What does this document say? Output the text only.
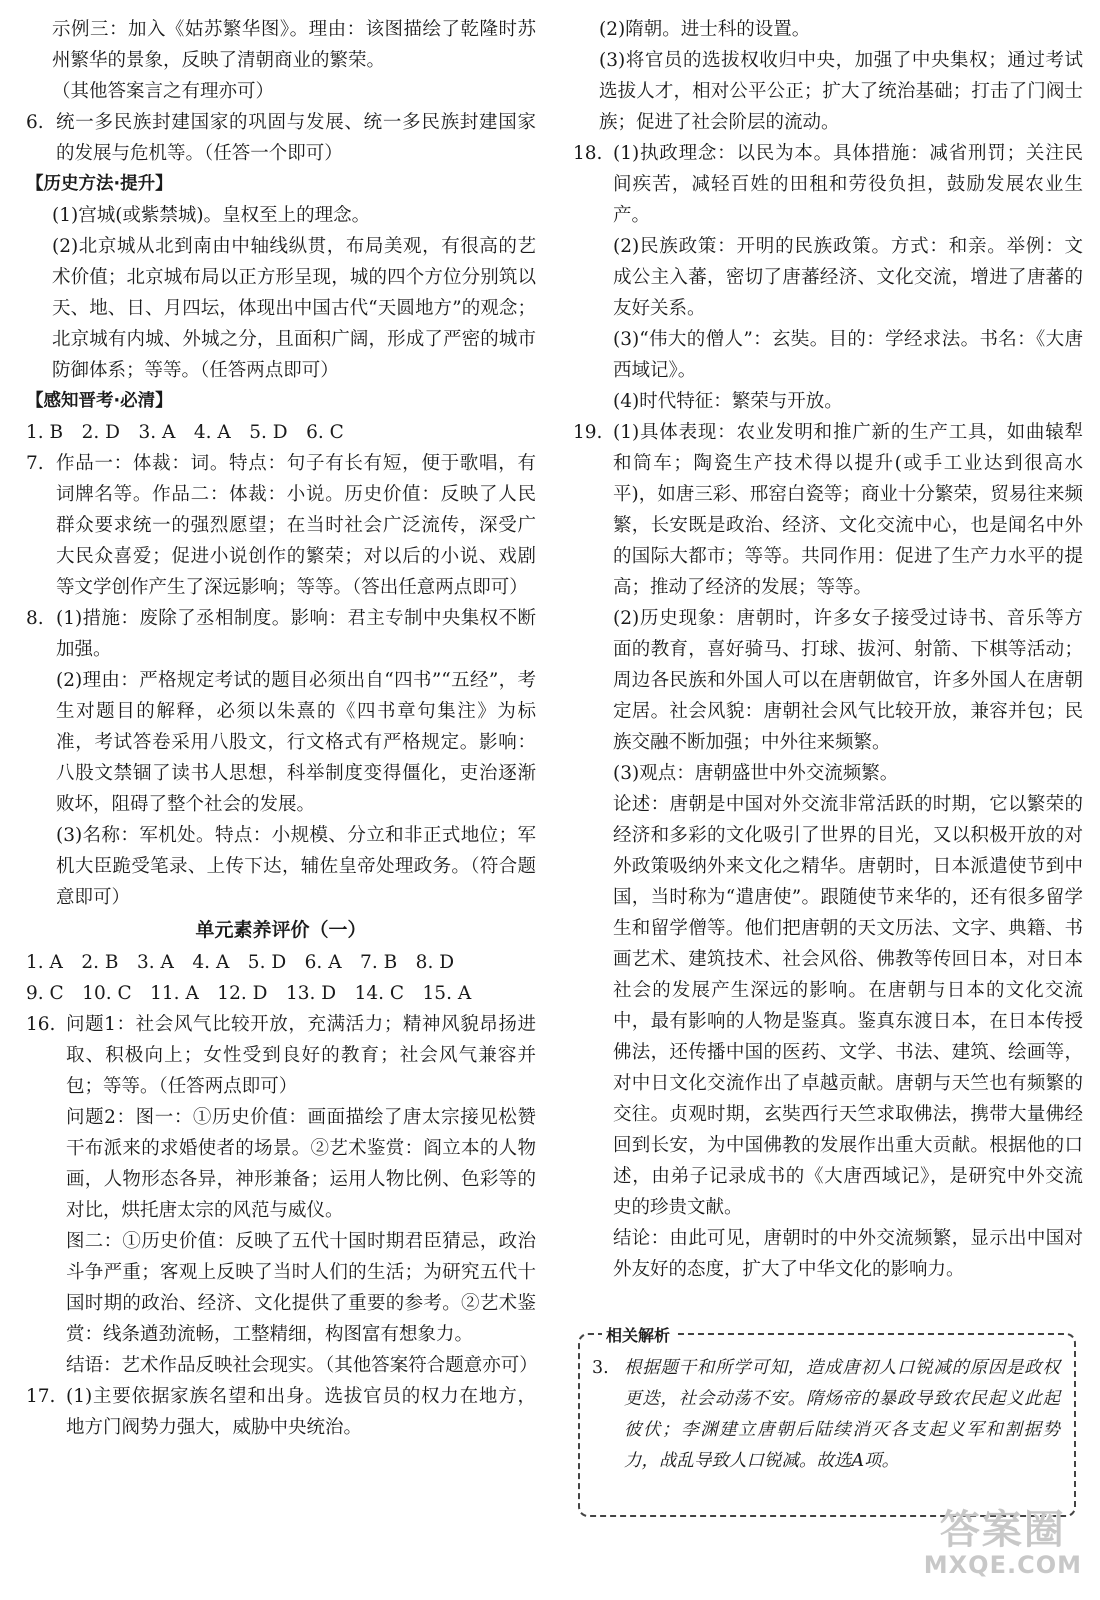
示例三：加入《姑苏繁华图》。理由：该图描绘了乾隆时苏州繁华的景象，反映了清朝商业的繁荣。

（其他答案言之有理亦可）

6. 统一多民族封建国家的巩固与发展、统一多民族封建国家的发展与危机等。（任答一个即可）

【历史方法·提升】

(1)宫城(或紫禁城)。皇权至上的理念。

(2)北京城从北到南由中轴线纵贯，布局美观，有很高的艺术价值；北京城布局以正方形呈现，城的四个方位分别筑以天、地、日、月四坛，体现出中国古代“天圆地方”的观念；北京城有内城、外城之分，且面积广阔，形成了严密的城市防御体系；等等。（任答两点即可）

【感知晋考·必清】

1. B　2. D　3. A　4. A　5. D　6. C

7. 作品一：体裁：词。特点：句子有长有短，便于歌唱，有词牌名等。作品二：体裁：小说。历史价值：反映了人民群众要求统一的强烈愿望；在当时社会广泛流传，深受广大民众喜爱；促进小说创作的繁荣；对以后的小说、戏剧等文学创作产生了深远影响；等等。（答出任意两点即可）

8. (1)措施：废除了丞相制度。影响：君主专制中央集权不断加强。

(2)理由：严格规定考试的题目必须出自“四书”“五经”，考生对题目的解释，必须以朱熹的《四书章句集注》为标准，考试答卷采用八股文，行文格式有严格规定。影响：八股文禁锢了读书人思想，科举制度变得僵化，吏治逐渐败坏，阻碍了整个社会的发展。

(3)名称：军机处。特点：小规模、分立和非正式地位；军机大臣跪受笔录、上传下达，辅佐皇帝处理政务。（符合题意即可）

单元素养评价（一）

1. A　2. B　3. A　4. A　5. D　6. A　7. B　8. D

9. C　10. C　11. A　12. D　13. D　14. C　15. A

16. 问题1：社会风气比较开放，充满活力；精神风貌昂扬进取、积极向上；女性受到良好的教育；社会风气兼容并包；等等。（任答两点即可）

问题2：图一：①历史价值：画面描绘了唐太宗接见松赞干布派来的求婚使者的场景。②艺术鉴赏：阎立本的人物画，人物形态各异，神形兼备；运用人物比例、色彩等的对比，烘托唐太宗的风范与威仪。

图二：①历史价值：反映了五代十国时期君臣猜忌，政治斗争严重；客观上反映了当时人们的生活；为研究五代十国时期的政治、经济、文化提供了重要的参考。②艺术鉴赏：线条遒劲流畅，工整精细，构图富有想象力。

结语：艺术作品反映社会现实。（其他答案符合题意亦可）

17. (1)主要依据家族名望和出身。选拔官员的权力在地方，地方门阀势力强大，威胁中央统治。

(2)隋朝。进士科的设置。

(3)将官员的选拔权收归中央，加强了中央集权；通过考试选拔人才，相对公平公正；扩大了统治基础；打击了门阀士族；促进了社会阶层的流动。

18. (1)执政理念：以民为本。具体措施：减省刑罚；关注民间疾苦，减轻百姓的田租和劳役负担，鼓励发展农业生产。

(2)民族政策：开明的民族政策。方式：和亲。举例：文成公主入蕃，密切了唐蕃经济、文化交流，增进了唐蕃的友好关系。

(3)“伟大的僧人”：玄奘。目的：学经求法。书名：《大唐西域记》。

(4)时代特征：繁荣与开放。

19. (1)具体表现：农业发明和推广新的生产工具，如曲辕犁和筒车；陶瓷生产技术得以提升(或手工业达到很高水平)，如唐三彩、邢窑白瓷等；商业十分繁荣，贸易往来频繁，长安既是政治、经济、文化交流中心，也是闻名中外的国际大都市；等等。共同作用：促进了生产力水平的提高；推动了经济的发展；等等。

(2)历史现象：唐朝时，许多女子接受过诗书、音乐等方面的教育，喜好骑马、打球、拔河、射箭、下棋等活动；周边各民族和外国人可以在唐朝做官，许多外国人在唐朝定居。社会风貌：唐朝社会风气比较开放，兼容并包；民族交融不断加强；中外往来频繁。

(3)观点：唐朝盛世中外交流频繁。

论述：唐朝是中国对外交流非常活跃的时期，它以繁荣的经济和多彩的文化吸引了世界的目光，又以积极开放的对外政策吸纳外来文化之精华。唐朝时，日本派遣使节到中国，当时称为“遣唐使”。跟随使节来华的，还有很多留学生和留学僧等。他们把唐朝的天文历法、文字、典籍、书画艺术、建筑技术、社会风俗、佛教等传回日本，对日本社会的发展产生深远的影响。在唐朝与日本的文化交流中，最有影响的人物是鉴真。鉴真东渡日本，在日本传授佛法，还传播中国的医药、文学、书法、建筑、绘画等，对中日文化交流作出了卓越贡献。唐朝与天竺也有频繁的交往。贞观时期，玄奘西行天竺求取佛法，携带大量佛经回到长安，为中国佛教的发展作出重大贡献。根据他的口述，由弟子记录成书的《大唐西域记》，是研究中外交流史的珍贵文献。

结论：由此可见，唐朝时的中外交流频繁，显示出中国对外友好的态度，扩大了中华文化的影响力。

相关解析
3. 根据题干和所学可知，造成唐初人口锐减的原因是政权更迭，社会动荡不安。隋炀帝的暴政导致农民起义此起彼伏；李渊建立唐朝后陆续消灭各支起义军和割据势力，战乱导致人口锐减。故选A项。

答案圈
MXQE.COM
